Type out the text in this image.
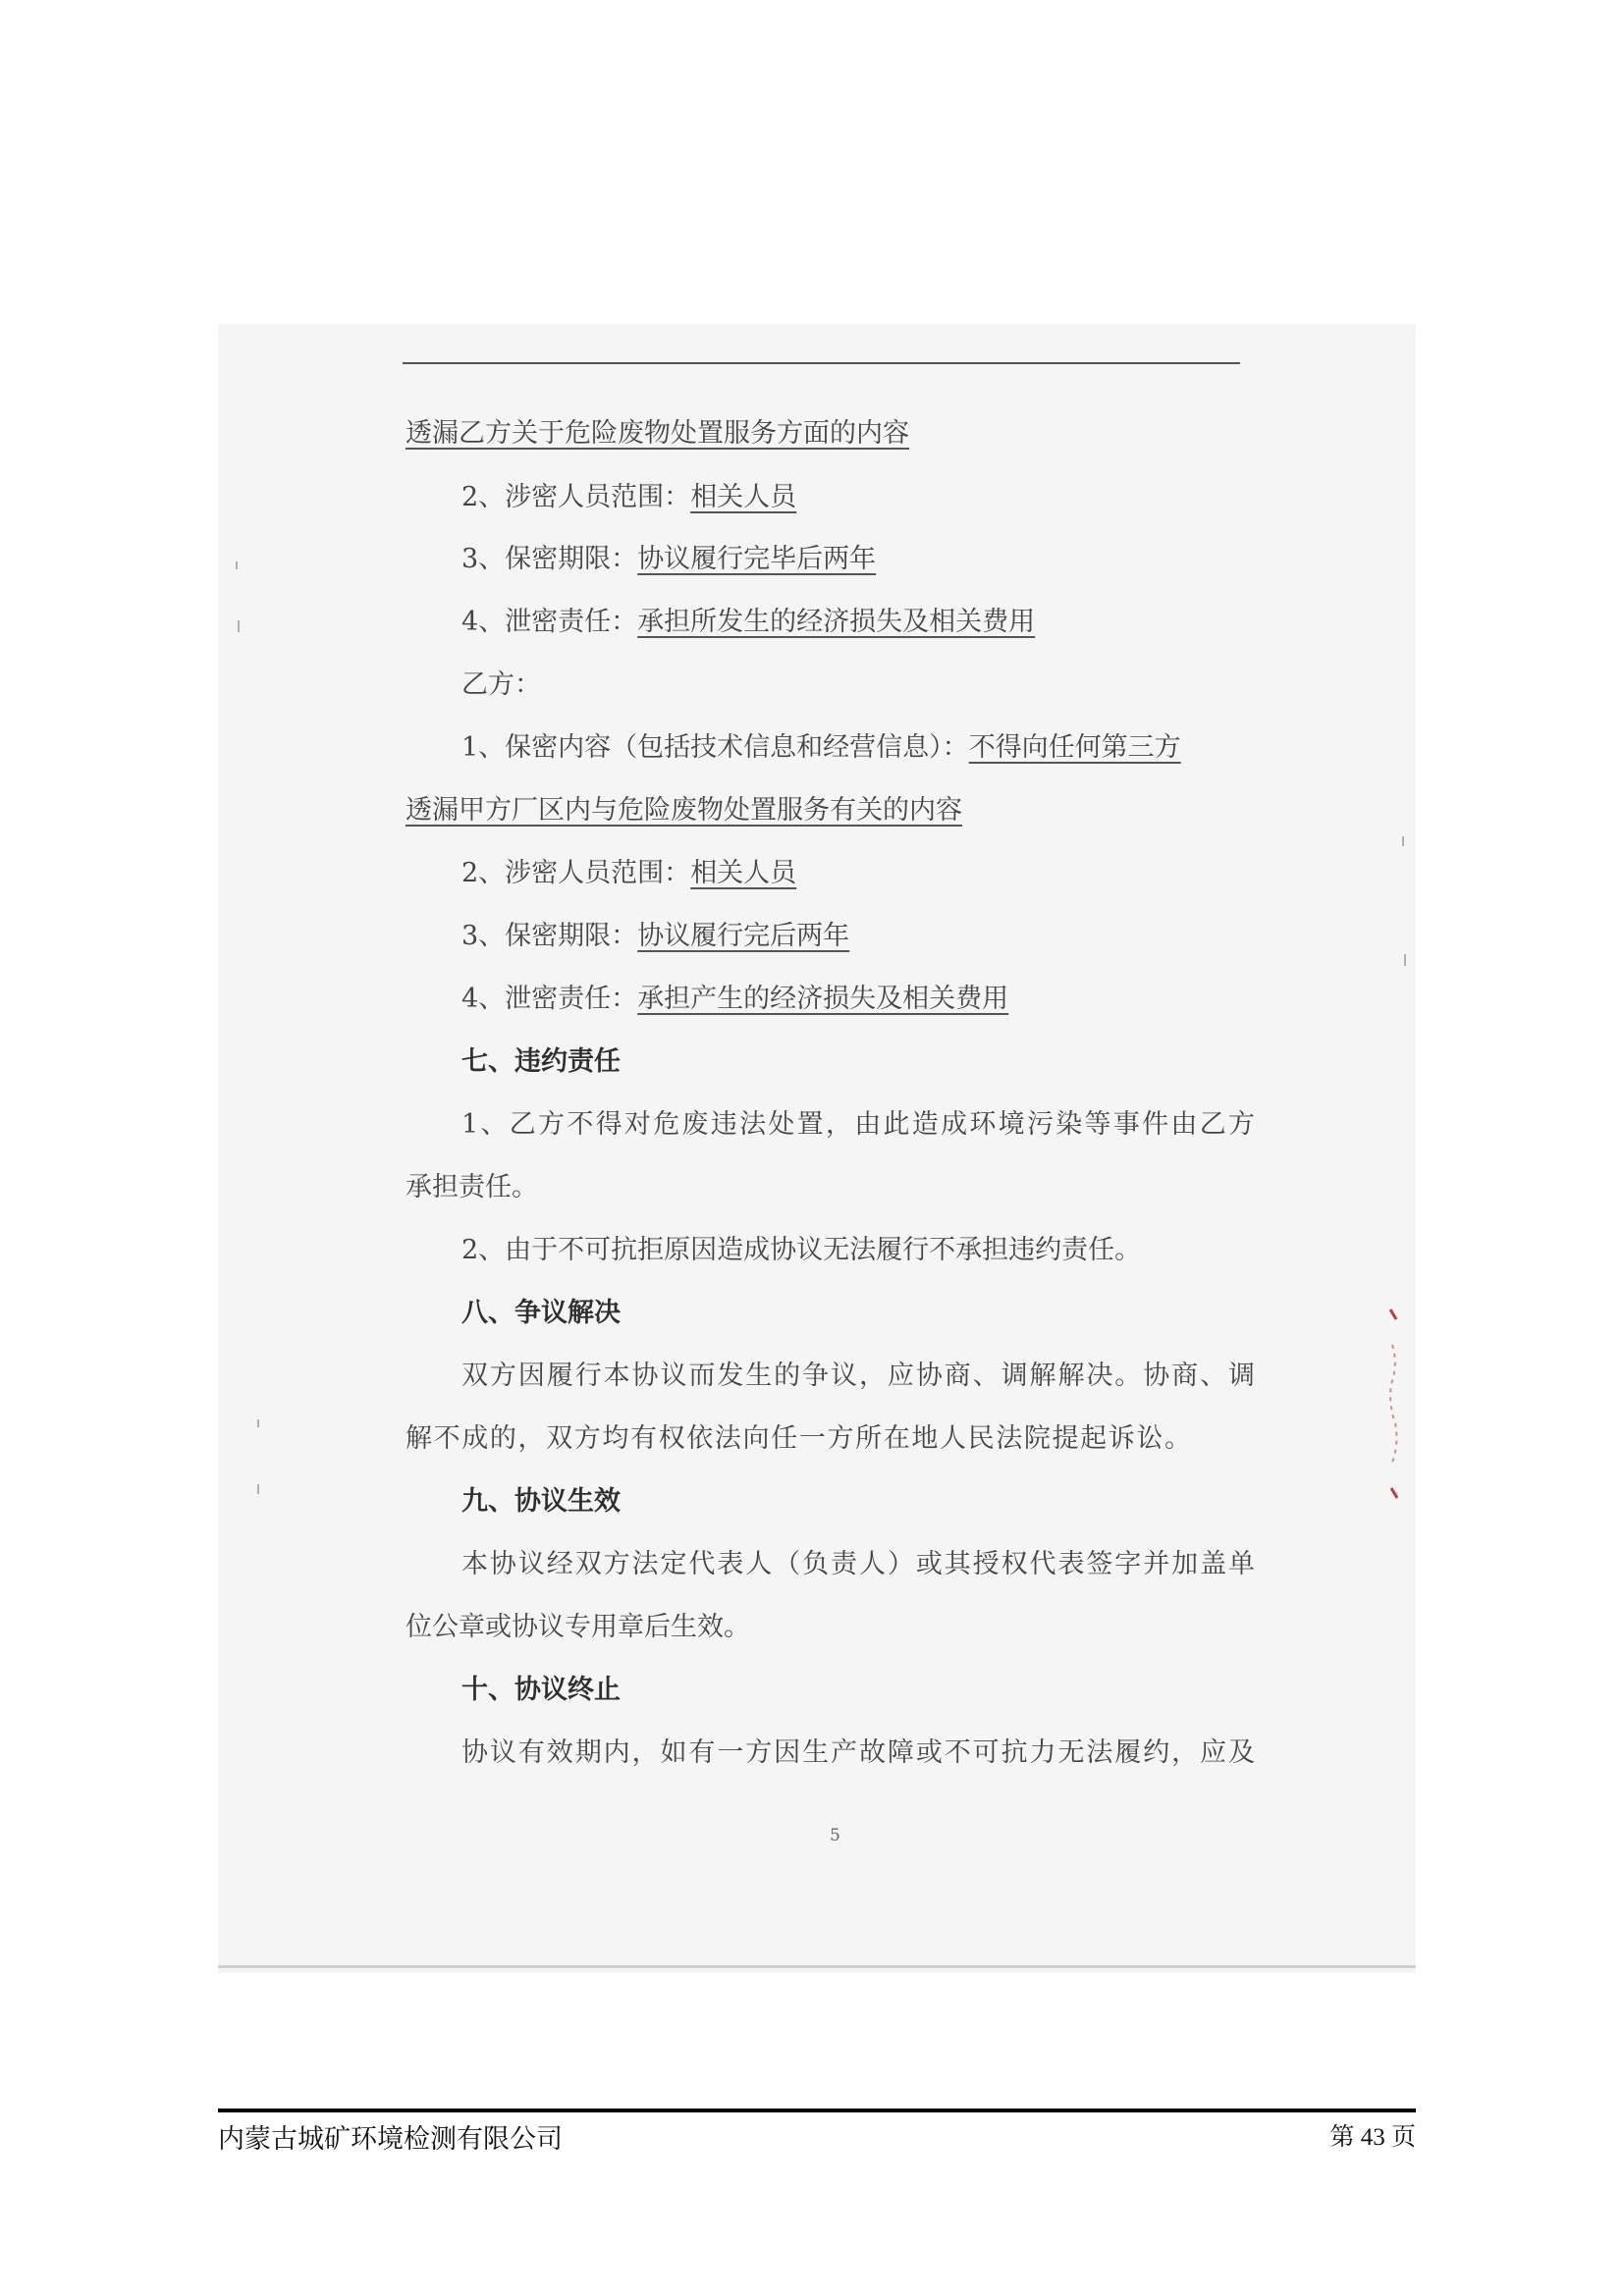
透漏乙方关于危险废物处置服务方面的内容
2、涉密人员范围：相关人员
3、保密期限：协议履行完毕后两年
4、泄密责任：承担所发生的经济损失及相关费用
乙方：
1、保密内容（包括技术信息和经营信息）：不得向任何第三方
透漏甲方厂区内与危险废物处置服务有关的内容
2、涉密人员范围：相关人员
3、保密期限：协议履行完后两年
4、泄密责任：承担产生的经济损失及相关费用
七、违约责任
1、乙方不得对危废违法处置，由此造成环境污染等事件由乙方
承担责任。
2、由于不可抗拒原因造成协议无法履行不承担违约责任。
八、争议解决
双方因履行本协议而发生的争议，应协商、调解解决。协商、调
解不成的，双方均有权依法向任一方所在地人民法院提起诉讼。
九、协议生效
本协议经双方法定代表人（负责人）或其授权代表签字并加盖单
位公章或协议专用章后生效。
十、协议终止
协议有效期内，如有一方因生产故障或不可抗力无法履约，应及
5
内蒙古城矿环境检测有限公司	第 43 页
